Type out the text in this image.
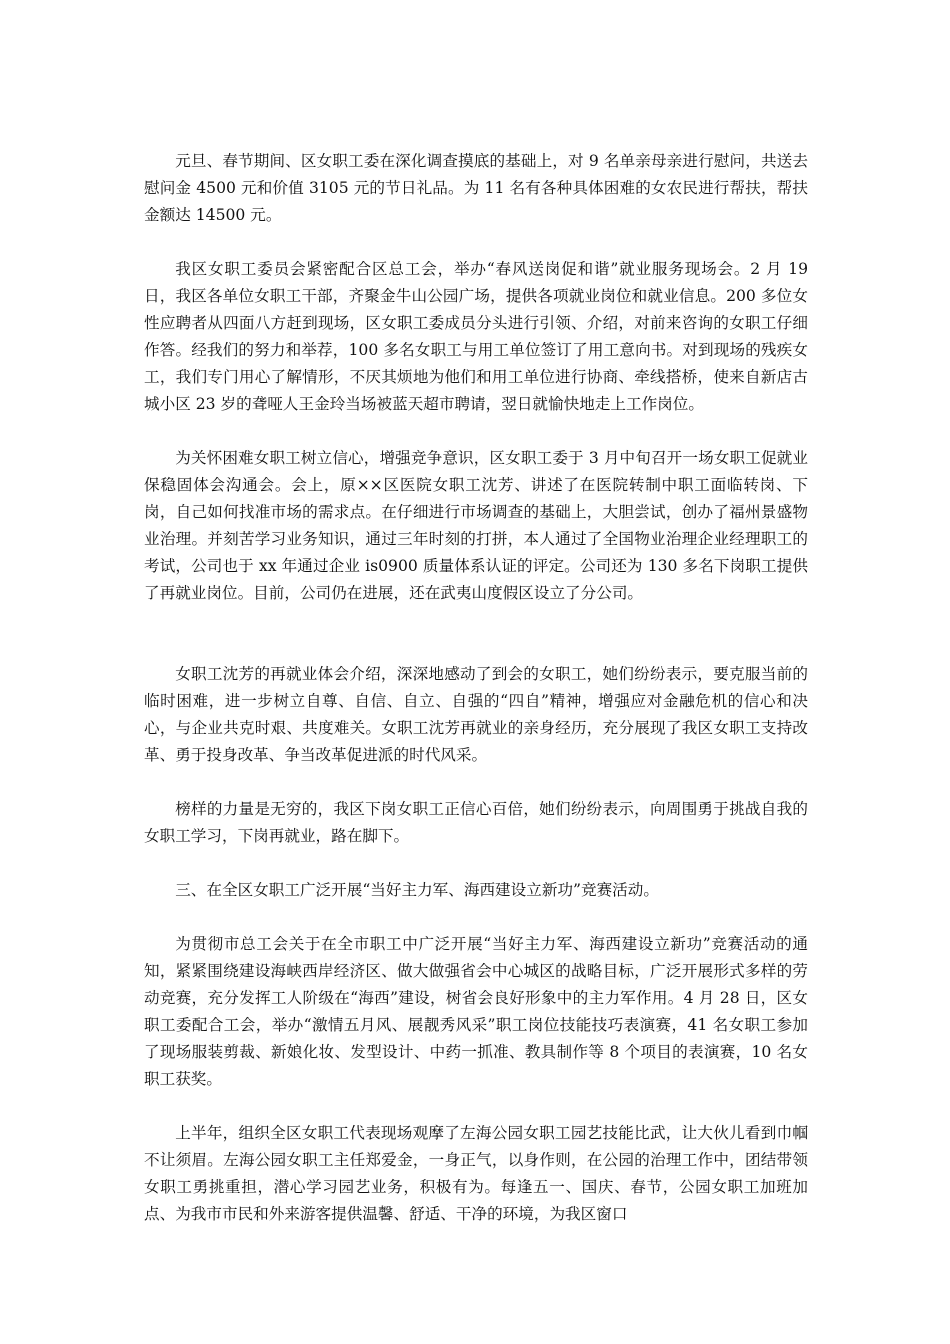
元旦、春节期间、区女职工委在深化调查摸底的基础上，对 9 名单亲母亲进行慰问，共送去慰问金 4500 元和价值 3105 元的节日礼品。为 11 名有各种具体困难的女农民进行帮扶，帮扶金额达 14500 元。

我区女职工委员会紧密配合区总工会，举办“春风送岗促和谐”就业服务现场会。2 月 19 日，我区各单位女职工干部，齐聚金牛山公园广场，提供各项就业岗位和就业信息。200 多位女性应聘者从四面八方赶到现场，区女职工委成员分头进行引领、介绍，对前来咨询的女职工仔细作答。经我们的努力和举荐，100 多名女职工与用工单位签订了用工意向书。对到现场的残疾女工，我们专门用心了解情形，不厌其烦地为他们和用工单位进行协商、牵线搭桥，使来自新店古城小区 23 岁的聋哑人王金玲当场被蓝天超市聘请，翌日就愉快地走上工作岗位。

为关怀困难女职工树立信心，增强竞争意识，区女职工委于 3 月中旬召开一场女职工促就业保稳固体会沟通会。会上，原××区医院女职工沈芳、讲述了在医院转制中职工面临转岗、下岗，自己如何找准市场的需求点。在仔细进行市场调查的基础上，大胆尝试，创办了福州景盛物业治理。并刻苦学习业务知识，通过三年时刻的打拼，本人通过了全国物业治理企业经理职工的考试，公司也于 xx 年通过企业 is0900 质量体系认证的评定。公司还为 130 多名下岗职工提供了再就业岗位。目前，公司仍在进展，还在武夷山度假区设立了分公司。

女职工沈芳的再就业体会介绍，深深地感动了到会的女职工，她们纷纷表示，要克服当前的临时困难，进一步树立自尊、自信、自立、自强的“四自”精神，增强应对金融危机的信心和决心，与企业共克时艰、共度难关。女职工沈芳再就业的亲身经历，充分展现了我区女职工支持改革、勇于投身改革、争当改革促进派的时代风采。

榜样的力量是无穷的，我区下岗女职工正信心百倍，她们纷纷表示，向周围勇于挑战自我的女职工学习，下岗再就业，路在脚下。

三、在全区女职工广泛开展“当好主力军、海西建设立新功”竞赛活动。

为贯彻市总工会关于在全市职工中广泛开展“当好主力军、海西建设立新功”竞赛活动的通知，紧紧围绕建设海峡西岸经济区、做大做强省会中心城区的战略目标，广泛开展形式多样的劳动竞赛，充分发挥工人阶级在“海西”建设，树省会良好形象中的主力军作用。4 月 28 日，区女职工委配合工会，举办“激情五月风、展靓秀风采”职工岗位技能技巧表演赛，41 名女职工参加了现场服装剪裁、新娘化妆、发型设计、中药一抓准、教具制作等 8 个项目的表演赛，10 名女职工获奖。

上半年，组织全区女职工代表现场观摩了左海公园女职工园艺技能比武，让大伙儿看到巾帼不让须眉。左海公园女职工主任郑爱金，一身正气，以身作则，在公园的治理工作中，团结带领女职工勇挑重担，潜心学习园艺业务，积极有为。每逢五一、国庆、春节，公园女职工加班加点、为我市市民和外来游客提供温馨、舒适、干净的环境，为我区窗口
